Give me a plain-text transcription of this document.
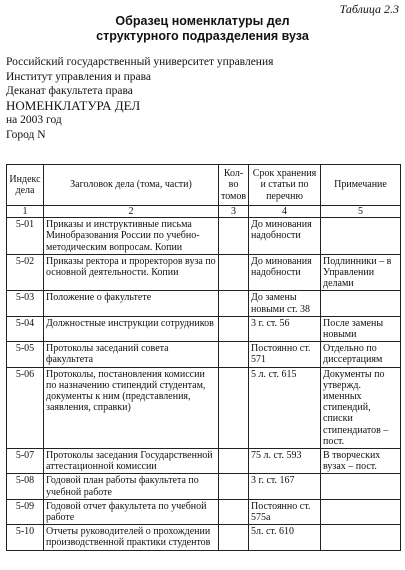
Таблица 2.3
Образец номенклатуры дел
структурного подразделения вуза
Российский государственный университет управления
Институт управления и права
Деканат факультета права
НОМЕНКЛАТУРА ДЕЛ
на 2003 год
Город N
Индекс дела	Заголовок дела (тома, части)	Кол-во томов	Срок хранения и статьи по перечню	Примечание
1	2	3	4	5
5-01	Приказы и инструктивные письма Минобразования России по учебно-методическим вопросам. Копии		До минования надобности	
5-02	Приказы ректора и проректоров вуза по основной деятельности. Копии		До минования надобности	Подлинники – в Управлении делами
5-03	Положение о факультете		До замены новыми ст. 38	
5-04	Должностные инструкции сотрудников		3 г. ст. 56	После замены новыми
5-05	Протоколы заседаний совета факультета		Постоянно ст. 571	Отдельно по диссертациям
5-06	Протоколы, постановления комиссии по назначению стипендий студентам, документы к ним (представления, заявления, справки)		5 л. ст. 615	Документы по утвержд. именных стипендий, списки стипендиатов – пост.
5-07	Протоколы заседания Государственной аттестационной комиссии		75 л. ст. 593	В творческих вузах – пост.
5-08	Годовой план работы факультета по учебной работе		3 г. ст. 167	
5-09	Годовой отчет факультета по учебной работе		Постоянно ст. 575а	
5-10	Отчеты руководителей о прохождении производственной практики студентов		5л. ст. 610	
